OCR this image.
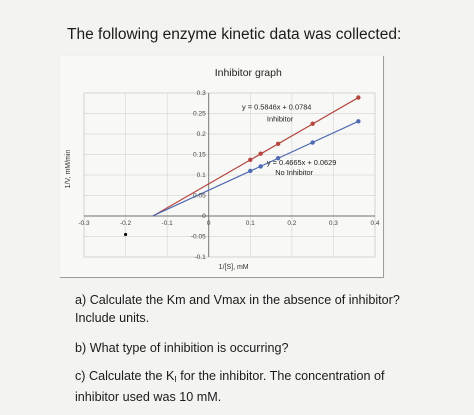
The following enzyme kinetic data was collected:
Inhibitor graph
-0.3	-0.2	-0.1	0	0.1	0.2	0.3	0.4
0.3
0.25
0.2
0.15
0.1
0.05
0
-0.05
-0.1
1/[S], mM
1/V, mM/min
y = 0.5846x + 0.0784
Inhibitor
y = 0.4665x + 0.0629
No Inhibitor
a) Calculate the Km and Vmax in the absence of inhibitor? Include units.
b) What type of inhibition is occurring?
c) Calculate the KI for the inhibitor. The concentration of inhibitor used was 10 mM.
